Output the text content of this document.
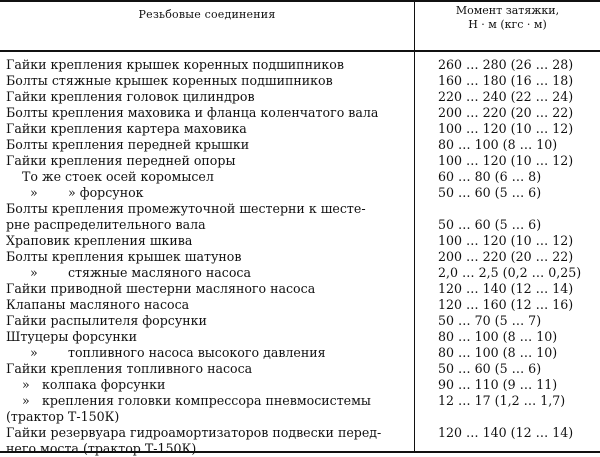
Резьбовые соединения	Момент затяжки,
Н · м (кгс · м)
Гайки крепления крышек коренных подшипников	260 … 280 (26 … 28)
Болты стяжные крышек коренных подшипников	160 … 180 (16 … 18)
Гайки крепления головок цилиндров	220 … 240 (22 … 24)
Болты крепления маховика и фланца коленчатого вала	200 … 220 (20 … 22)
Гайки крепления картера маховика	100 … 120 (10 … 12)
Болты крепления передней крышки	80 … 100 (8 … 10)
Гайки крепления передней опоры	100 … 120 (10 … 12)
То же стоек осей коромысел	60 … 80 (6 … 8)
» » форсунок	50 … 60 (5 … 6)
Болты крепления промежуточной шестерни к шесте-
рне распределительного вала	50 … 60 (5 … 6)
Храповик крепления шкива	100 … 120 (10 … 12)
Болты крепления крышек шатунов	200 … 220 (20 … 22)
» стяжные масляного насоса	2,0 … 2,5 (0,2 … 0,25)
Гайки приводной шестерни масляного насоса	120 … 140 (12 … 14)
Клапаны масляного насоса	120 … 160 (12 … 16)
Гайки распылителя форсунки	50 … 70 (5 … 7)
Штуцеры форсунки	80 … 100 (8 … 10)
» топливного насоса высокого давления	80 … 100 (8 … 10)
Гайки крепления топливного насоса	50 … 60 (5 … 6)
» колпака форсунки	90 … 110 (9 … 11)
» крепления головки компрессора пневмосистемы
(трактор Т-150К)
12 … 17 (1,2 … 1,7)
Гайки резервуара гидроамортизаторов подвески перед-
него моста (трактор Т-150К)
120 … 140 (12 … 14)
